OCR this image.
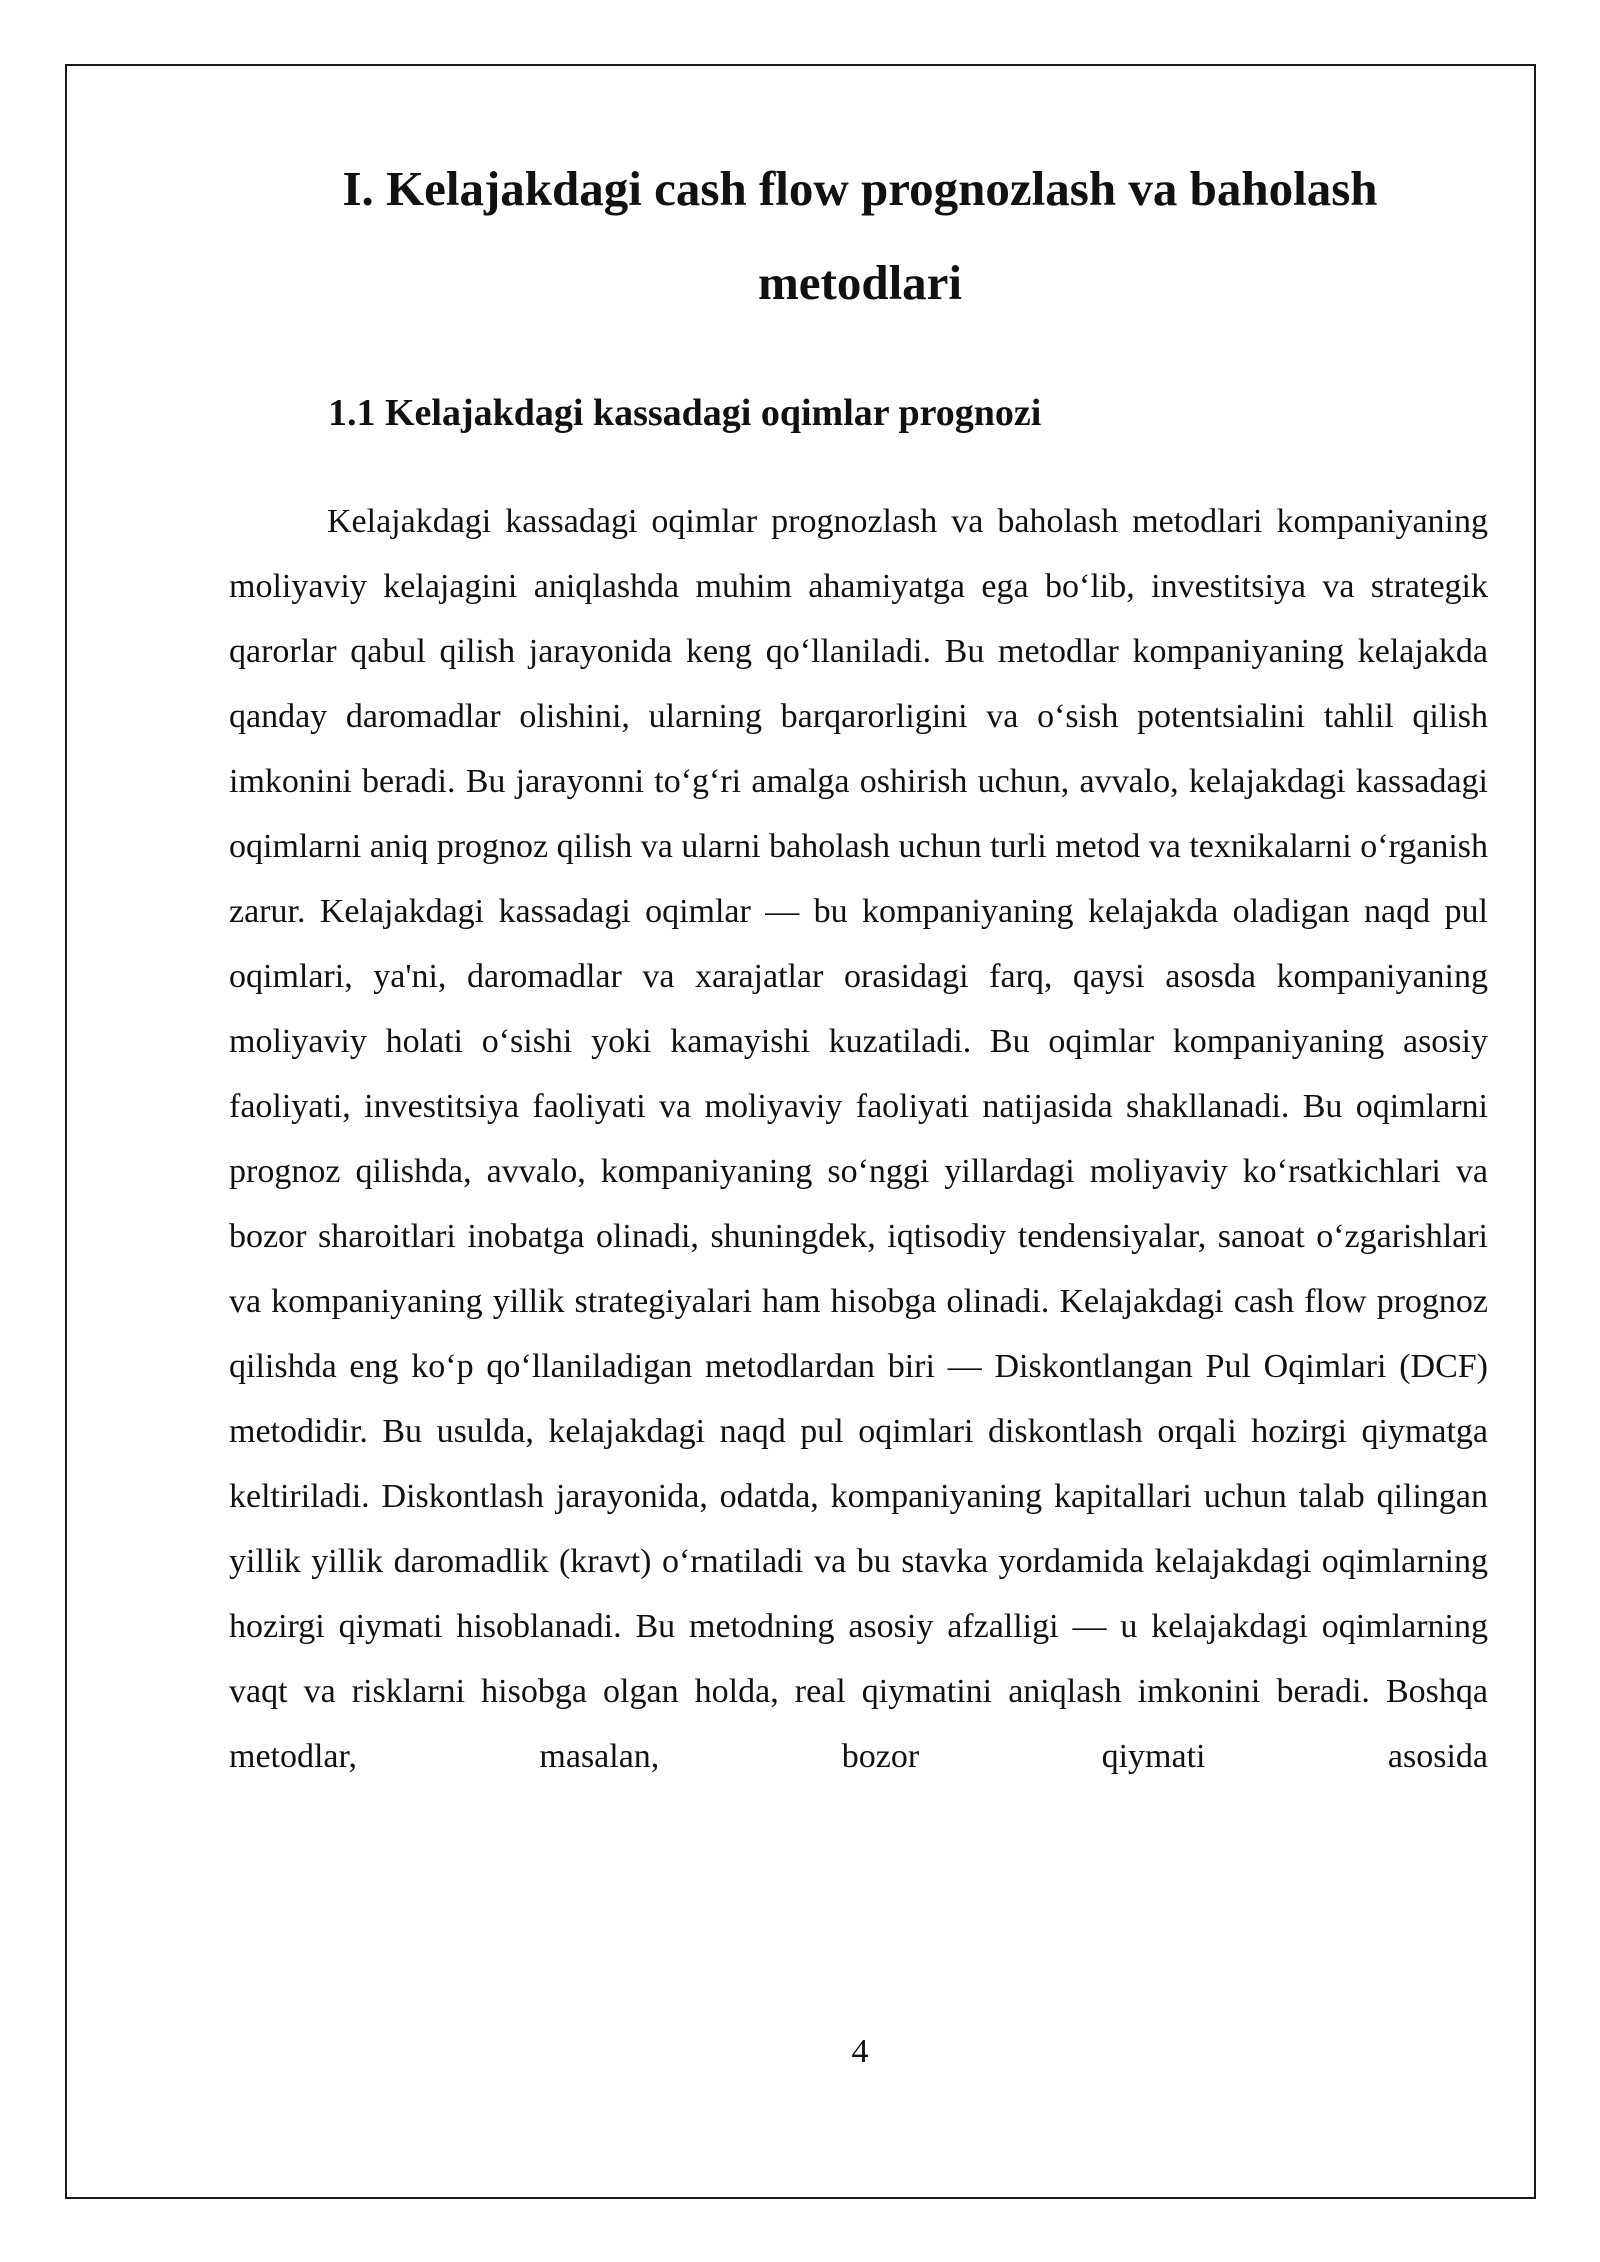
I. Kelajakdagi cash flow prognozlash va baholash metodlari
1.1 Kelajakdagi kassadagi oqimlar prognozi

Kelajakdagi kassadagi oqimlar prognozlash va baholash metodlari kompaniyaning moliyaviy kelajagini aniqlashda muhim ahamiyatga ega bo‘lib, investitsiya va strategik qarorlar qabul qilish jarayonida keng qo‘llaniladi. Bu metodlar kompaniyaning kelajakda qanday daromadlar olishini, ularning barqarorligini va o‘sish potentsialini tahlil qilish imkonini beradi. Bu jarayonni to‘g‘ri amalga oshirish uchun, avvalo, kelajakdagi kassadagi oqimlarni aniq prognoz qilish va ularni baholash uchun turli metod va texnikalarni o‘rganish zarur. Kelajakdagi kassadagi oqimlar — bu kompaniyaning kelajakda oladigan naqd pul oqimlari, ya'ni, daromadlar va xarajatlar orasidagi farq, qaysi asosda kompaniyaning moliyaviy holati o‘sishi yoki kamayishi kuzatiladi. Bu oqimlar kompaniyaning asosiy faoliyati, investitsiya faoliyati va moliyaviy faoliyati natijasida shakllanadi. Bu oqimlarni prognoz qilishda, avvalo, kompaniyaning so‘nggi yillardagi moliyaviy ko‘rsatkichlari va bozor sharoitlari inobatga olinadi, shuningdek, iqtisodiy tendensiyalar, sanoat o‘zgarishlari va kompaniyaning yillik strategiyalari ham hisobga olinadi. Kelajakdagi cash flow prognoz qilishda eng ko‘p qo‘llaniladigan metodlardan biri — Diskontlangan Pul Oqimlari (DCF) metodidir. Bu usulda, kelajakdagi naqd pul oqimlari diskontlash orqali hozirgi qiymatga keltiriladi. Diskontlash jarayonida, odatda, kompaniyaning kapitallari uchun talab qilingan yillik yillik daromadlik (kravt) o‘rnatiladi va bu stavka yordamida kelajakdagi oqimlarning hozirgi qiymati hisoblanadi. Bu metodning asosiy afzalligi — u kelajakdagi oqimlarning vaqt va risklarni hisobga olgan holda, real qiymatini aniqlash imkonini beradi. Boshqa metodlar, masalan, bozor qiymati asosida

4
